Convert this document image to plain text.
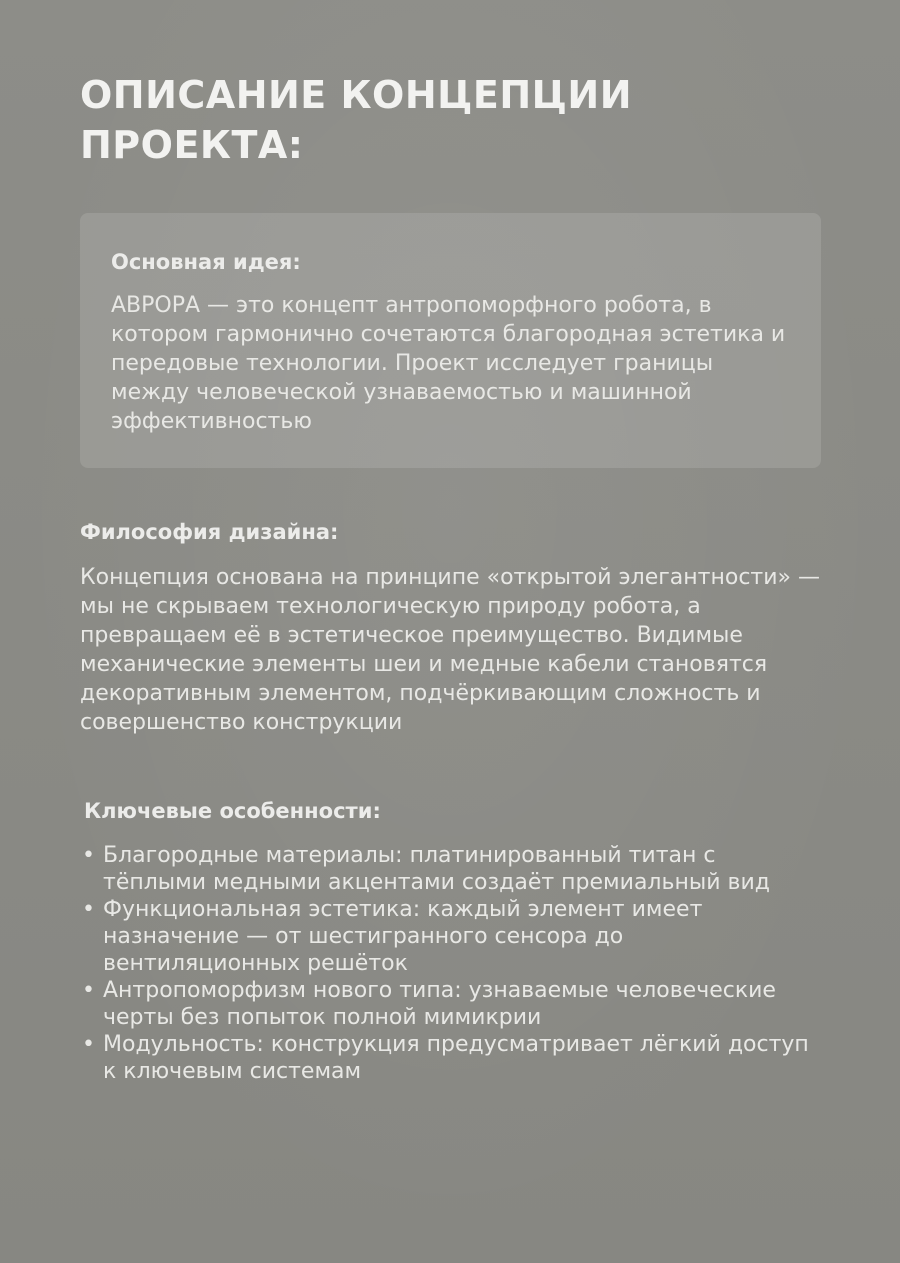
ОПИСАНИЕ КОНЦЕПЦИИ
ПРОЕКТА:
Основная идея:

АВРОРА — это концепт антропоморфного робота, в котором гармонично сочетаются благородная эстетика и передовые технологии. Проект исследует границы между человеческой узнаваемостью и машинной эффективностью

Философия дизайна:

Концепция основана на принципе «открытой элегантности» — мы не скрываем технологическую природу робота, а превращаем её в эстетическое преимущество. Видимые механические элементы шеи и медные кабели становятся декоративным элементом, подчёркивающим сложность и совершенство конструкции

Ключевые особенности:
• Благородные материалы: платинированный титан с тёплыми медными акцентами создаёт премиальный вид
• Функциональная эстетика: каждый элемент имеет назначение — от шестигранного сенсора до вентиляционных решёток
• Антропоморфизм нового типа: узнаваемые человеческие черты без попыток полной мимикрии
• Модульность: конструкция предусматривает лёгкий доступ к ключевым системам
